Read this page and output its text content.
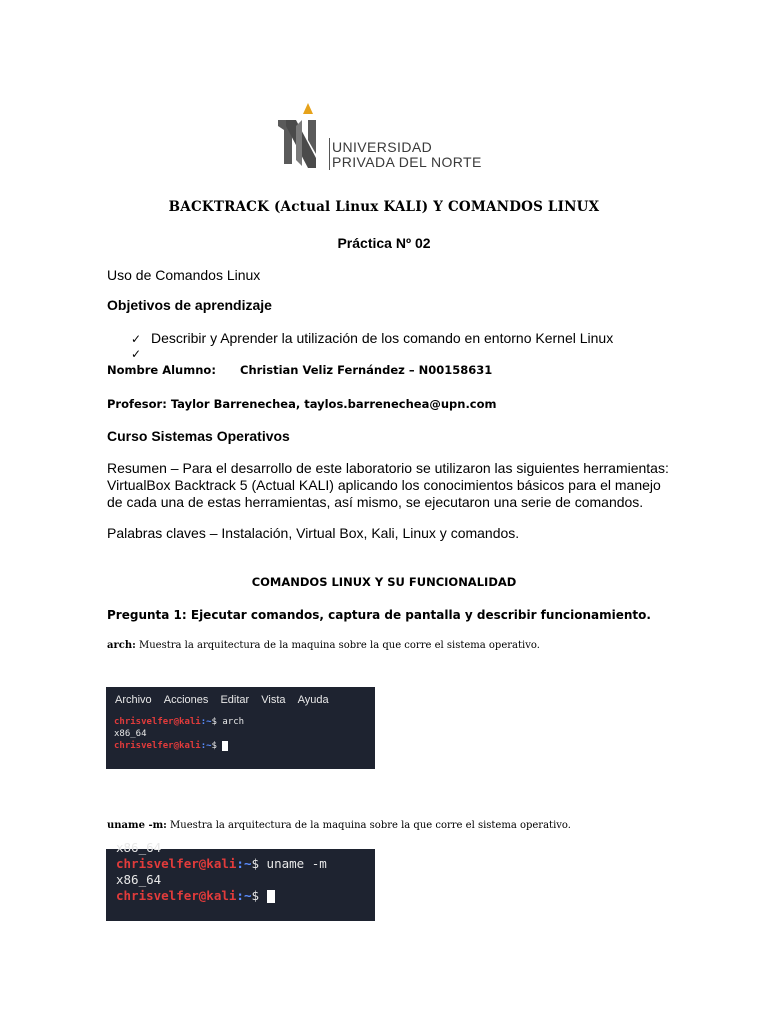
UNIVERSIDAD
PRIVADA DEL NORTE
BACKTRACK (Actual Linux KALI) Y COMANDOS LINUX
Práctica Nº 02
Uso de Comandos Linux
Objetivos de aprendizaje
✓ Describir y Aprender la utilización de los comando en entorno Kernel Linux
✓
Nombre Alumno: Christian Veliz Fernández – N00158631
Profesor: Taylor Barrenechea, taylos.barrenechea@upn.com
Curso Sistemas Operativos
Resumen – Para el desarrollo de este laboratorio se utilizaron las siguientes herramientas:
VirtualBox Backtrack 5 (Actual KALI) aplicando los conocimientos básicos para el manejo
de cada una de estas herramientas, así mismo, se ejecutaron una serie de comandos.
Palabras claves – Instalación, Virtual Box, Kali, Linux y comandos.
COMANDOS LINUX Y SU FUNCIONALIDAD
Pregunta 1: Ejecutar comandos, captura de pantalla y describir funcionamiento.
arch: Muestra la arquitectura de la maquina sobre la que corre el sistema operativo.
Archivo Acciones Editar Vista Ayuda
chrisvelfer@kali:~$ arch
x86_64
chrisvelfer@kali:~$
uname -m: Muestra la arquitectura de la maquina sobre la que corre el sistema operativo.
x86_64
chrisvelfer@kali:~$ uname -m
x86_64
chrisvelfer@kali:~$
